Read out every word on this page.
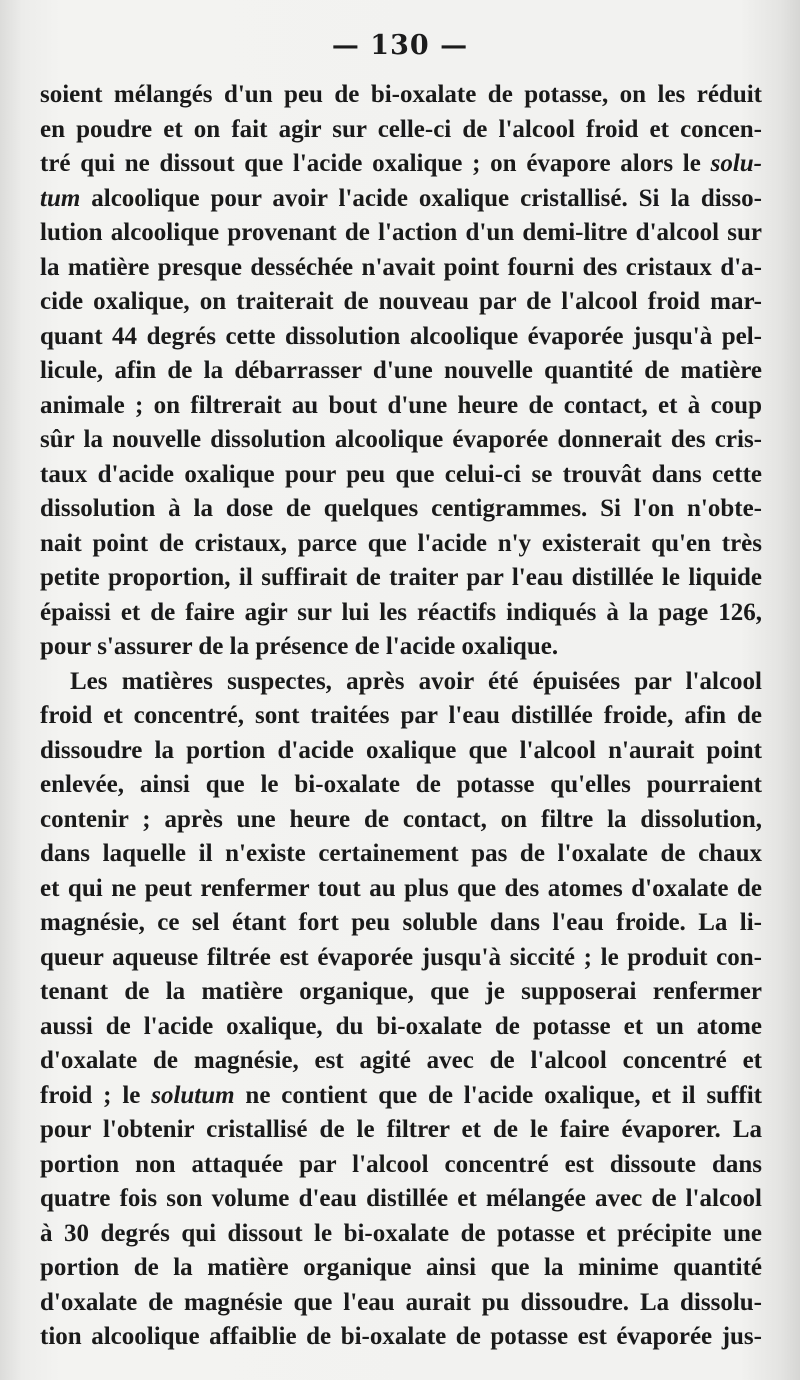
— 130 —
soient mélangés d'un peu de bi-oxalate de potasse, on les réduit
en poudre et on fait agir sur celle-ci de l'alcool froid et concen-
tré qui ne dissout que l'acide oxalique ; on évapore alors le solu-
tum alcoolique pour avoir l'acide oxalique cristallisé. Si la disso-
lution alcoolique provenant de l'action d'un demi-litre d'alcool sur
la matière presque desséchée n'avait point fourni des cristaux d'a-
cide oxalique, on traiterait de nouveau par de l'alcool froid mar-
quant 44 degrés cette dissolution alcoolique évaporée jusqu'à pel-
licule, afin de la débarrasser d'une nouvelle quantité de matière
animale ; on filtrerait au bout d'une heure de contact, et à coup
sûr la nouvelle dissolution alcoolique évaporée donnerait des cris-
taux d'acide oxalique pour peu que celui-ci se trouvât dans cette
dissolution à la dose de quelques centigrammes. Si l'on n'obte-
nait point de cristaux, parce que l'acide n'y existerait qu'en très
petite proportion, il suffirait de traiter par l'eau distillée le liquide
épaissi et de faire agir sur lui les réactifs indiqués à la page 126,
pour s'assurer de la présence de l'acide oxalique.
Les matières suspectes, après avoir été épuisées par l'alcool
froid et concentré, sont traitées par l'eau distillée froide, afin de
dissoudre la portion d'acide oxalique que l'alcool n'aurait point
enlevée, ainsi que le bi-oxalate de potasse qu'elles pourraient
contenir ; après une heure de contact, on filtre la dissolution,
dans laquelle il n'existe certainement pas de l'oxalate de chaux
et qui ne peut renfermer tout au plus que des atomes d'oxalate de
magnésie, ce sel étant fort peu soluble dans l'eau froide. La li-
queur aqueuse filtrée est évaporée jusqu'à siccité ; le produit con-
tenant de la matière organique, que je supposerai renfermer
aussi de l'acide oxalique, du bi-oxalate de potasse et un atome
d'oxalate de magnésie, est agité avec de l'alcool concentré et
froid ; le solutum ne contient que de l'acide oxalique, et il suffit
pour l'obtenir cristallisé de le filtrer et de le faire évaporer. La
portion non attaquée par l'alcool concentré est dissoute dans
quatre fois son volume d'eau distillée et mélangée avec de l'alcool
à 30 degrés qui dissout le bi-oxalate de potasse et précipite une
portion de la matière organique ainsi que la minime quantité
d'oxalate de magnésie que l'eau aurait pu dissoudre. La dissolu-
tion alcoolique affaiblie de bi-oxalate de potasse est évaporée jus-
